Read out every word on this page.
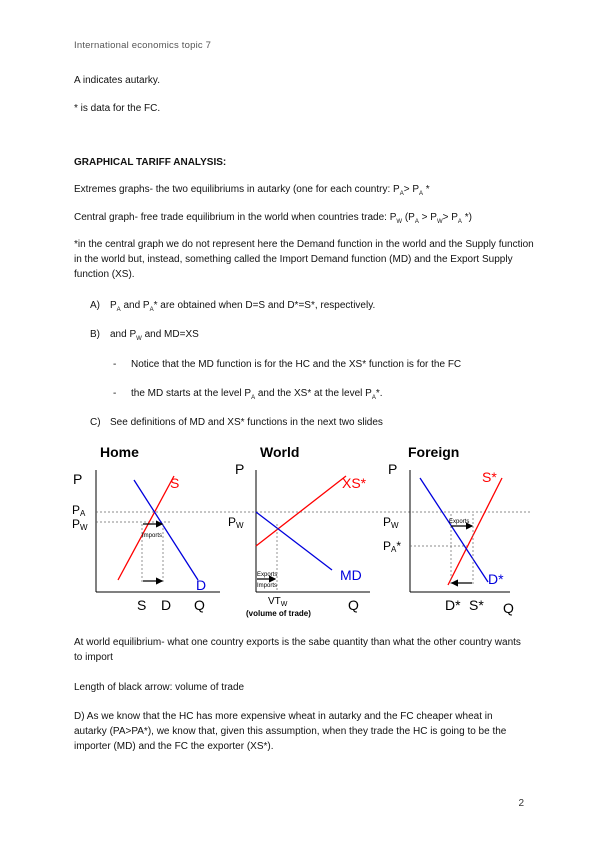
International economics topic 7
A indicates autarky.
* is data for the FC.
GRAPHICAL TARIFF ANALYSIS:
Extremes graphs- the two equilibriums in autarky (one for each country: $P_A> P_A$ *
Central graph- free trade equilibrium in the world when countries trade: $P_W$ ($P_A > P_W> P_A$ *)
*in the central graph we do not represent here the Demand function in the world and the Supply function in the world but, instead, something called the Import Demand function (MD) and the Export Supply function (XS).
A) $P_A$ and $P_A*$ are obtained when D=S and D*=S*, respectively.
B) and $P_W$ and MD=XS
- Notice that the MD function is for the HC and the XS* function is for the FC
- the MD starts at the level $P_A$ and the XS* at the level $P_A*$.
C) See definitions of MD and XS* functions in the next two slides
Home
P	S
D
PA
PW
Imports
S D Q
World
P
XS*
MD
PW
Exports
Imports
$VT_W$
(volume of trade)
Q
Foreign
P	S*
D*
PW
PA*
Exports
D* S* Q
At world equilibrium- what one country exports is the sabe quantity than what the other country wants to import
Length of black arrow: volume of trade
D) As we know that the HC has more expensive wheat in autarky and the FC cheaper wheat in autarky (PA>PA*), we know that, given this assumption, when they trade the HC is going to be the importer (MD) and the FC the exporter (XS*).
2
